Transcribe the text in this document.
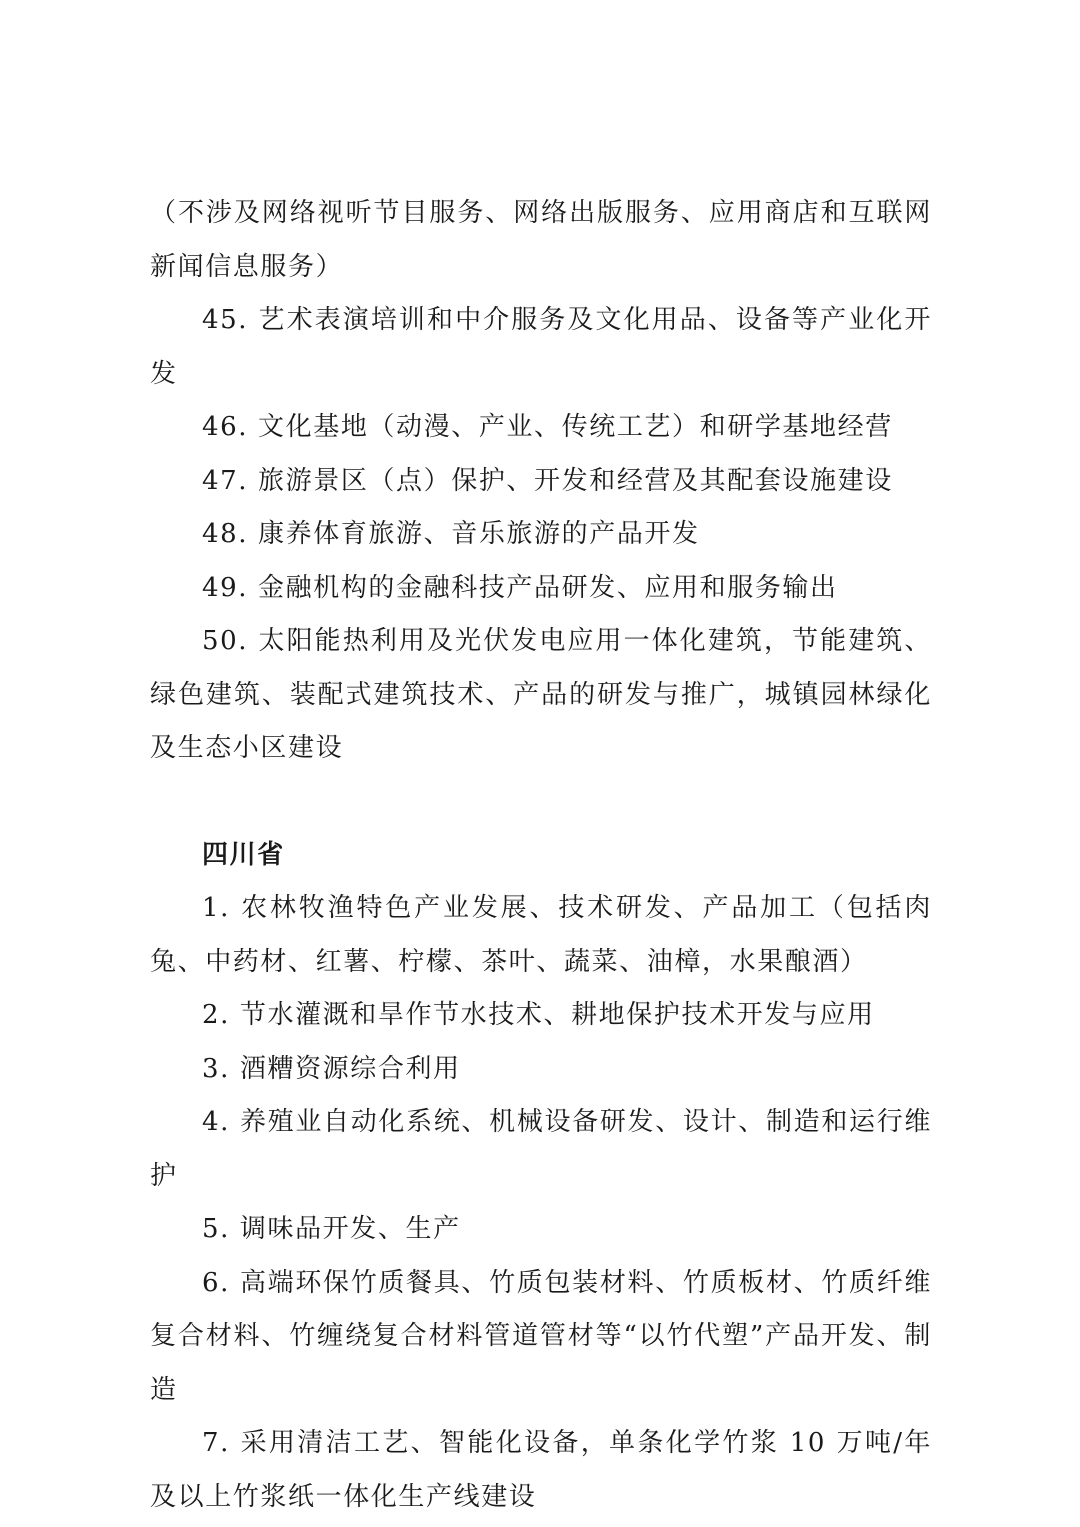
（不涉及网络视听节目服务、网络出版服务、应用商店和互联网新闻信息服务）

45. 艺术表演培训和中介服务及文化用品、设备等产业化开发

46. 文化基地（动漫、产业、传统工艺）和研学基地经营

47. 旅游景区（点）保护、开发和经营及其配套设施建设

48. 康养体育旅游、音乐旅游的产品开发

49. 金融机构的金融科技产品研发、应用和服务输出

50. 太阳能热利用及光伏发电应用一体化建筑，节能建筑、绿色建筑、装配式建筑技术、产品的研发与推广，城镇园林绿化及生态小区建设

四川省

1. 农林牧渔特色产业发展、技术研发、产品加工（包括肉兔、中药材、红薯、柠檬、茶叶、蔬菜、油樟，水果酿酒）

2. 节水灌溉和旱作节水技术、耕地保护技术开发与应用

3. 酒糟资源综合利用

4. 养殖业自动化系统、机械设备研发、设计、制造和运行维护

5. 调味品开发、生产

6. 高端环保竹质餐具、竹质包装材料、竹质板材、竹质纤维复合材料、竹缠绕复合材料管道管材等“以竹代塑”产品开发、制造

7. 采用清洁工艺、智能化设备，单条化学竹浆 10 万吨/年及以上竹浆纸一体化生产线建设
